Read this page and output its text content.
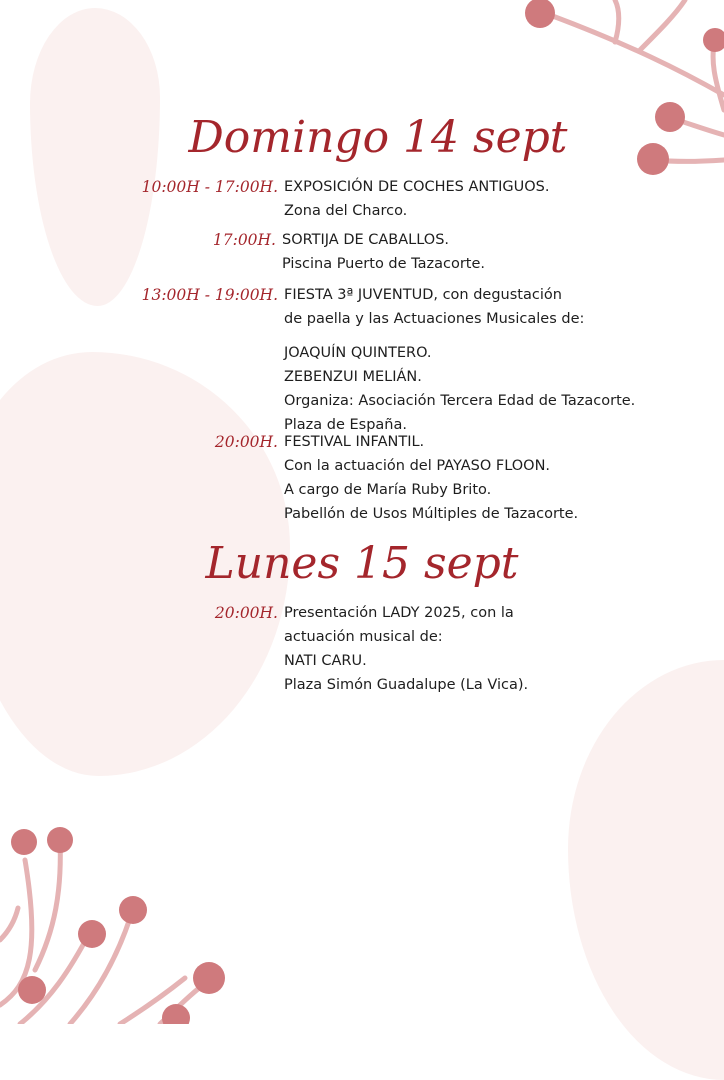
Domingo 14 sept
10:00H - 17:00H. EXPOSICIÓN DE COCHES ANTIGUOS.
Zona del Charco.
17:00H. SORTIJA DE CABALLOS.
Piscina Puerto de Tazacorte.
13:00H - 19:00H. FIESTA 3ª JUVENTUD, con degustación
de paella y las Actuaciones Musicales de:
JOAQUÍN QUINTERO.
ZEBENZUI MELIÁN.
Organiza: Asociación Tercera Edad de Tazacorte.
Plaza de España.
20:00H. FESTIVAL INFANTIL.
Con la actuación del PAYASO FLOON.
A cargo de María Ruby Brito.
Pabellón de Usos Múltiples de Tazacorte.
Lunes 15 sept
20:00H. Presentación LADY 2025, con la
actuación musical de:
NATI CARU.
Plaza Simón Guadalupe (La Vica).
